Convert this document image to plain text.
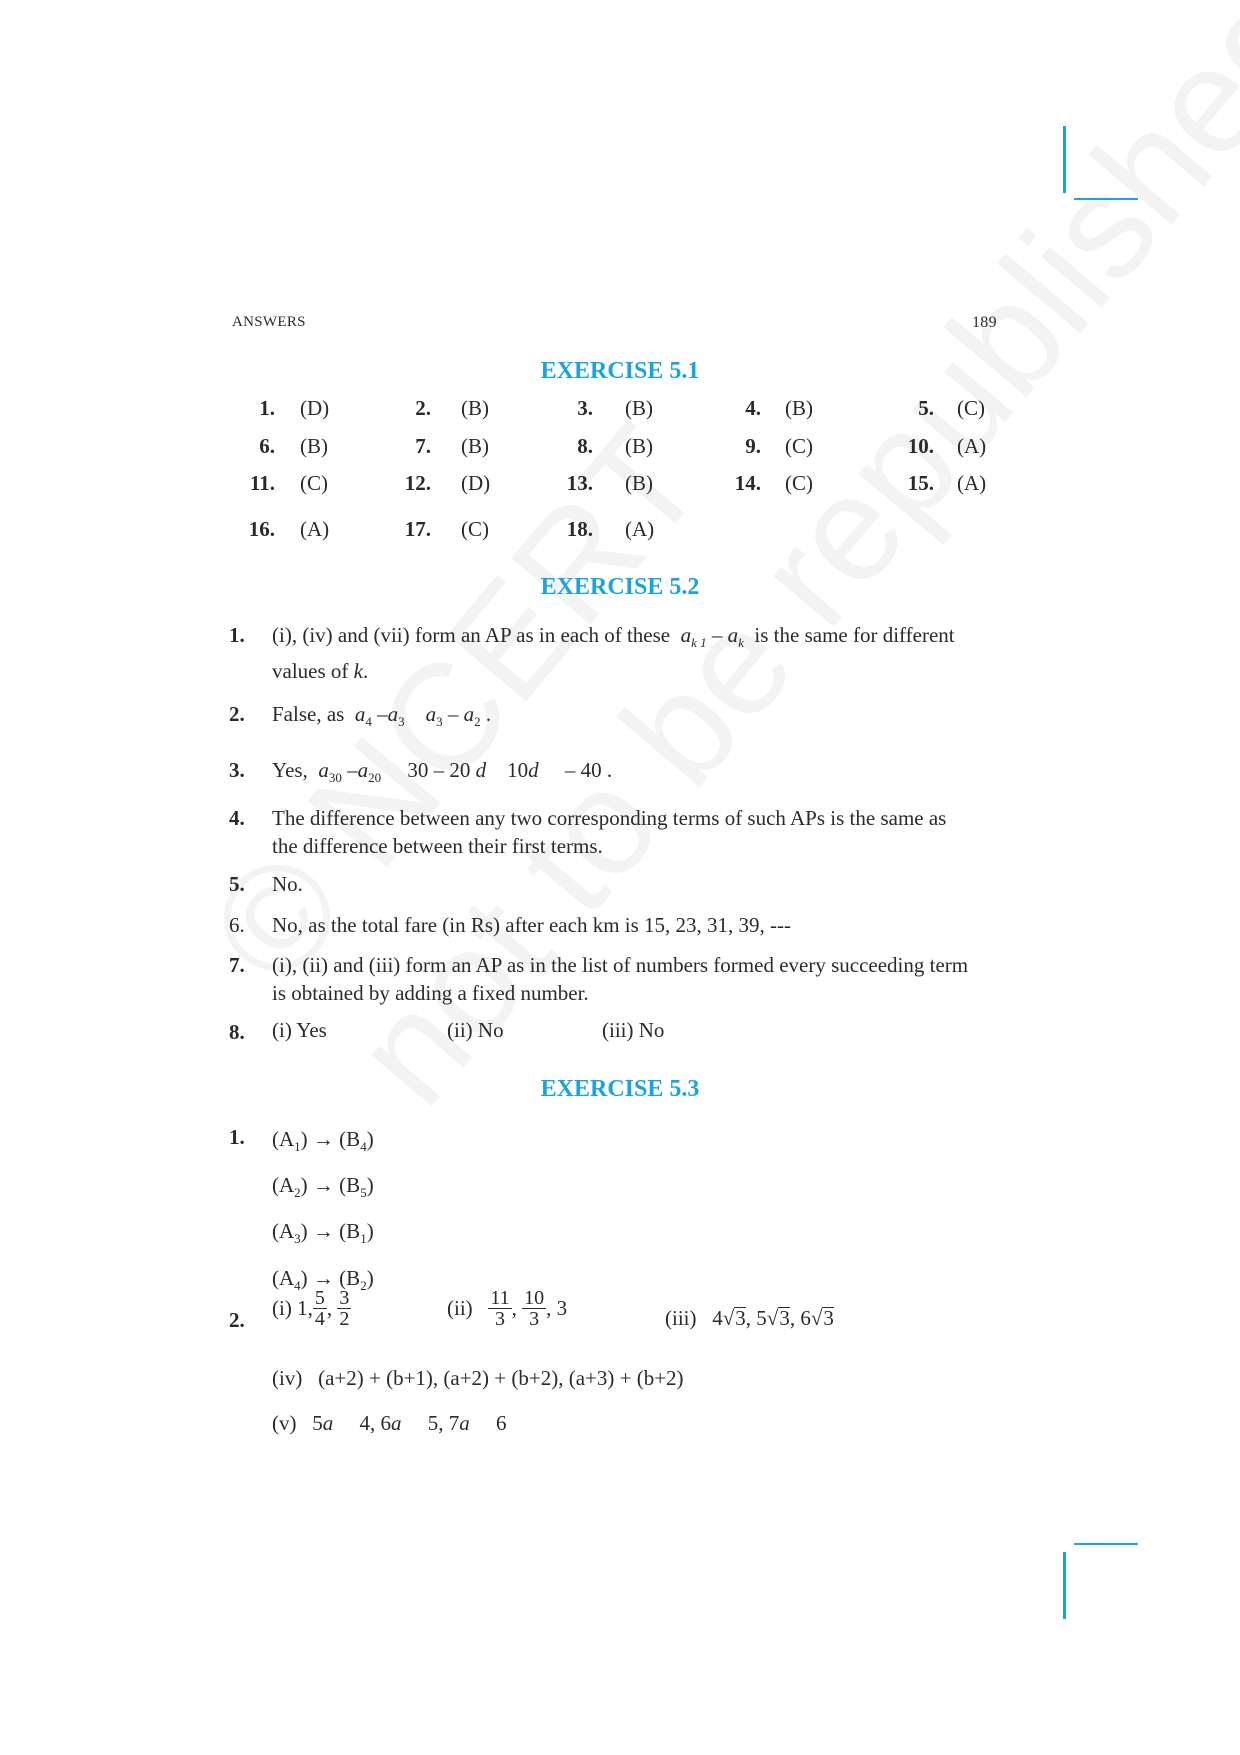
ANSWERS	189
EXERCISE 5.1
1. (D)	2. (B)	3. (B)	4. (B)	5. (C)
6. (B)	7. (B)	8. (B)	9. (C)	10. (A)
11. (C)	12. (D)	13. (B)	14. (C)	15. (A)
16. (A)	17. (C)	18. (A)
EXERCISE 5.2
1. (i), (iv) and (vii) form an AP as in each of these $a_{k 1} - a_k$ is the same for different
values of k.
2. False, as $a_4$ $-a_3$ $a_3 - a_2$ .
3. Yes, $a_{30}$ $-a_{20}$ 30 – 20 d 10d – 40 .
4. The difference between any two corresponding terms of such APs is the same as
the difference between their first terms.
5. No.
6. No, as the total fare (in Rs) after each km is 15, 23, 31, 39, ---
7. (i), (ii) and (iii) form an AP as in the list of numbers formed every succeeding term
is obtained by adding a fixed number.
8. (i) Yes	(ii) No	(iii) No
EXERCISE 5.3
1. $(A_1) \to (B_4)$
$(A_2) \to (B_5)$
$(A_3) \to (B_1)$
$(A_4) \to (B_2)$
2. (i) 1, $\frac{5}{4}$ , $\frac{3}{2}$	$(ii) \frac{11}{3}$ , $\frac{10}{3}$ , 3	(iii) 4√3, 5√3, 6√3
(iv) (a+2) + (b+1), (a+2) + (b+2), (a+3) + (b+2)
(v) 5a 4, 6a 5, 7a 6
